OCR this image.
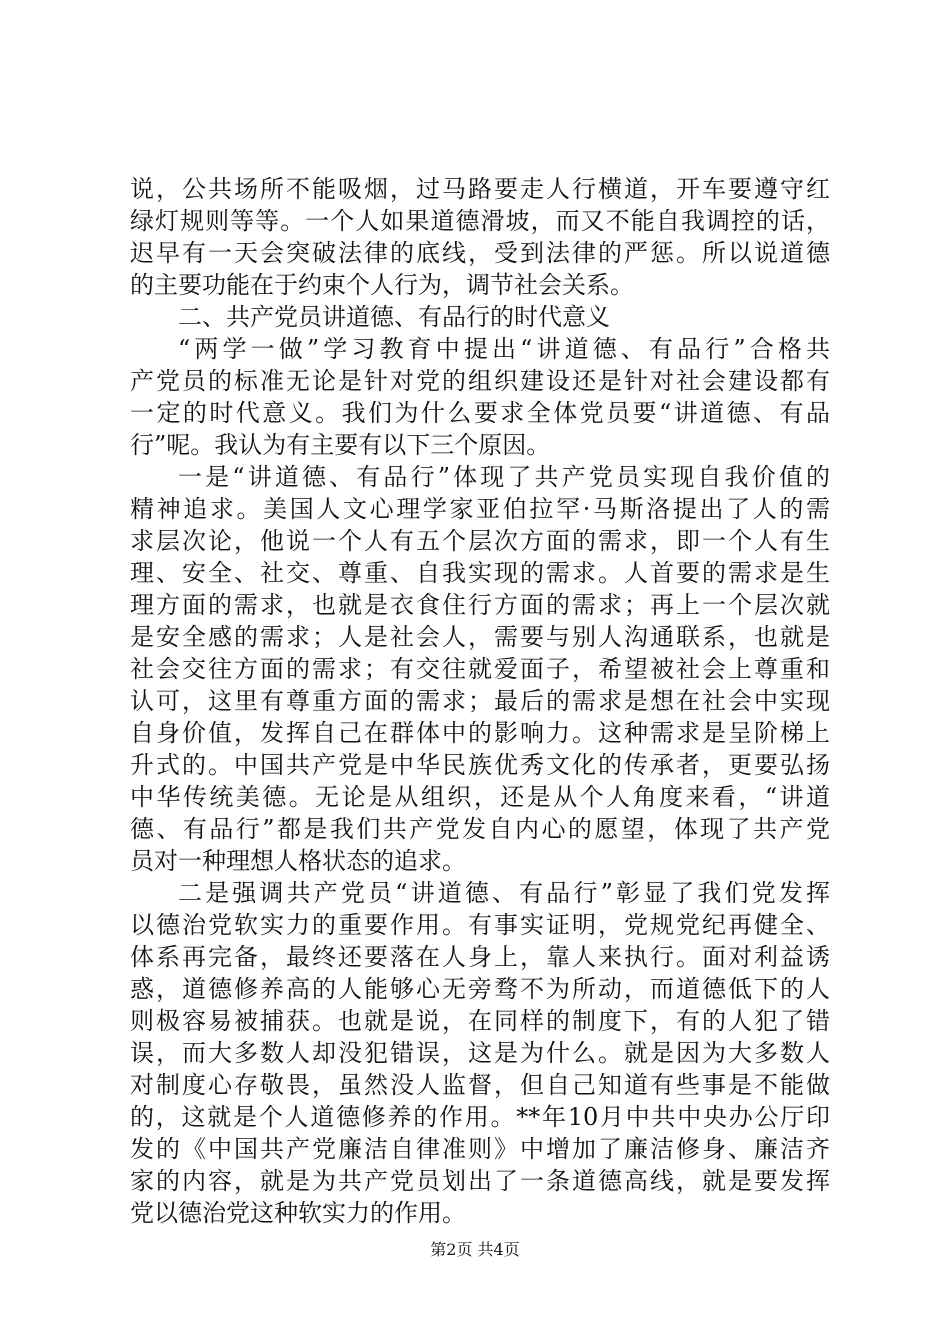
说，公共场所不能吸烟，过马路要走人行横道，开车要遵守红
绿灯规则等等。一个人如果道德滑坡，而又不能自我调控的话，
迟早有一天会突破法律的底线，受到法律的严惩。所以说道德
的主要功能在于约束个人行为，调节社会关系。
二、共产党员讲道德、有品行的时代意义
“两学一做”学习教育中提出“讲道德、有品行”合格共
产党员的标准无论是针对党的组织建设还是针对社会建设都有
一定的时代意义。我们为什么要求全体党员要“讲道德、有品
行”呢。我认为有主要有以下三个原因。
一是“讲道德、有品行”体现了共产党员实现自我价值的
精神追求。美国人文心理学家亚伯拉罕·马斯洛提出了人的需
求层次论，他说一个人有五个层次方面的需求，即一个人有生
理、安全、社交、尊重、自我实现的需求。人首要的需求是生
理方面的需求，也就是衣食住行方面的需求；再上一个层次就
是安全感的需求；人是社会人，需要与别人沟通联系，也就是
社会交往方面的需求；有交往就爱面子，希望被社会上尊重和
认可，这里有尊重方面的需求；最后的需求是想在社会中实现
自身价值，发挥自己在群体中的影响力。这种需求是呈阶梯上
升式的。中国共产党是中华民族优秀文化的传承者，更要弘扬
中华传统美德。无论是从组织，还是从个人角度来看，“讲道
德、有品行”都是我们共产党发自内心的愿望，体现了共产党
员对一种理想人格状态的追求。
二是强调共产党员“讲道德、有品行”彰显了我们党发挥
以德治党软实力的重要作用。有事实证明，党规党纪再健全、
体系再完备，最终还要落在人身上，靠人来执行。面对利益诱
惑，道德修养高的人能够心无旁骛不为所动，而道德低下的人
则极容易被捕获。也就是说，在同样的制度下，有的人犯了错
误，而大多数人却没犯错误，这是为什么。就是因为大多数人
对制度心存敬畏，虽然没人监督，但自己知道有些事是不能做
的，这就是个人道德修养的作用。**年10月中共中央办公厅印
发的《中国共产党廉洁自律准则》中增加了廉洁修身、廉洁齐
家的内容，就是为共产党员划出了一条道德高线，就是要发挥
党以德治党这种软实力的作用。
第2页 共4页
